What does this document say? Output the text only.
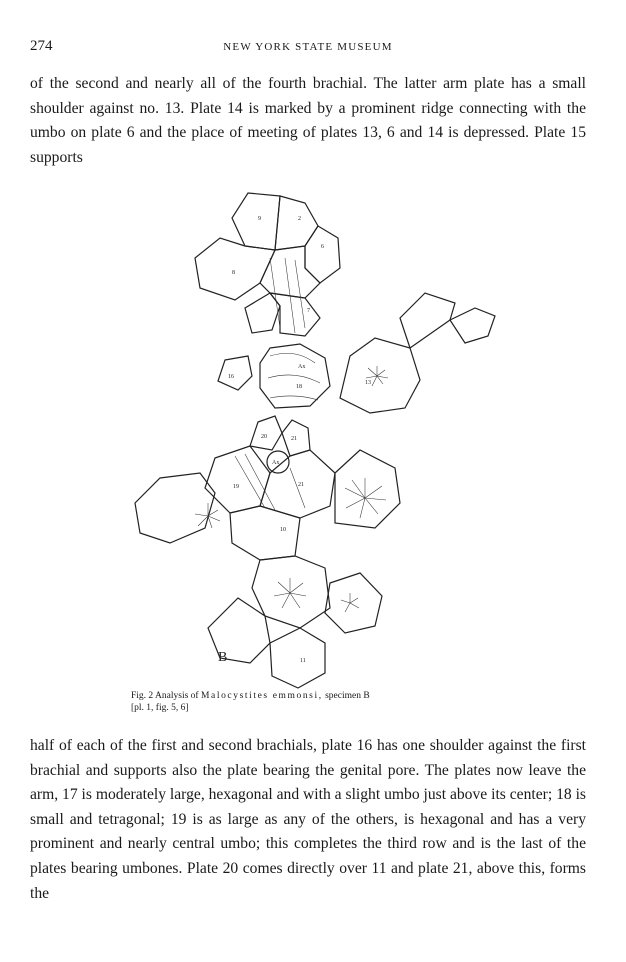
274	NEW YORK STATE MUSEUM

of the second and nearly all of the fourth brachial. The latter arm plate has a small shoulder against no. 13. Plate 14 is marked by a prominent ridge connecting with the umbo on plate 6 and the place of meeting of plates 13, 6 and 14 is depressed. Plate 15 supports

9	2
6
8
7
16
Ax
18
13
20	21
Ax
21
19
10
11
B
Fig. 2 Analysis of Malocystites emmonsi, specimen B
[pl. 1, fig. 5, 6]

half of each of the first and second brachials, plate 16 has one shoulder against the first brachial and supports also the plate bearing the genital pore. The plates now leave the arm, 17 is moderately large, hexagonal and with a slight umbo just above its center; 18 is small and tetragonal; 19 is as large as any of the others, is hexagonal and has a very prominent and nearly central umbo; this completes the third row and is the last of the plates bearing umbones. Plate 20 comes directly over 11 and plate 21, above this, forms the
